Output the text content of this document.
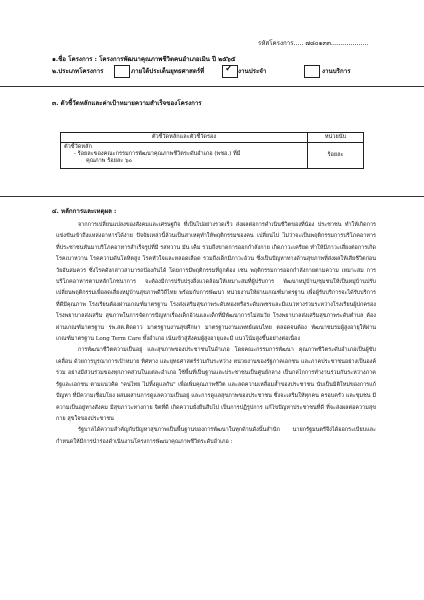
รหัสโครงการ..... ๗๘๐๑๓๓...................
๑.ชื่อ โครงการ : โครงการพัฒนาคุณภาพชีวิตคนอำเภอเมิน ปี ๒๕๖๕
๒.ประเภทโครงการ	ภายใต้ประเด็นยุทธศาสตร์ที่ ✓ งานประจำ	งานบริการ
๓. ตัวชี้วัดหลักและค่าเป้าหมายความสำเร็จของโครงการ
ตัวชี้วัดหลักและตัวชี้วัดรอง	หน่วยนับ

ตัวชี้วัดหลัก
- ร้อยละของคณะกรรมการพัฒนาคุณภาพชีวิตระดับอำเภอ (พชอ.) ที่มี
คุณภาพ ร้อยละ ๖๐	ร้อยละ
๔. หลักการและเหตุผล :

จากการเปลี่ยนแปลงของสังคมและเศรษฐกิจ ที่เป็นไปอย่างรวดเร็ว ส่งผลต่อการดำเนินชีวิตของที่น้อง ประชาชน ทำให้เกิดการแข่งขันเข้าถึงแหล่งอาหารได้ง่าย ปัจจัยเหล่านี้ล้วนเป็นสาเหตุทำให้พฤติกรรมของคน เปลี่ยนไป ไม่ว่าจะเป็นพฤติกรรมการบริโภคอาหาร ที่ประชาชนหันมาบริโภคอาหารสำเร็จรูปที่มี รสหวาน มัน เค็ม รวมถึงขาดการออกกำลังกาย เกิดภาวะเครียด ทำให้มีภาวะเสี่ยงต่อการเกิดโรคเบาหวาน โรคความดันโลหิตสูง โรคหัวใจและหลอดเลือด รวมถึงเด็กมีภาวะอ้วน ซึ่งเป็นปัญหาทางด้านสุขภาพที่ส่งผลให้เสียชีวิตก่อนวัยอันสมควร ซึ่งโรคดังกล่าวสามารถป้องกันได้ โดยการมีพฤติกรรมที่ถูกต้อง เช่น พฤติกรรมการออกกำลังกายตามความ เหมาะสม การบริโภคอาหารตามหลักโภชนาการ จะต้องมีการปรับปรุงสิ่งแวดล้อมให้เหมาะสมที่ผู้ปรับการ พัฒนาหมู่บ้าน/ชุมชนให้เป็นหมู่บ้านปรับเปลี่ยนพฤติกรรมเพื่อลดเสี่ยงหมู่บ้านสุขภาพดีวิถีไทย พร้อมกับการพัฒนา หน่วยงานให้ผ่านเกณฑ์มาตรฐาน เพื่อผู้รับบริการจะได้รับบริการที่ดีมีคุณภาพ โรงเรียนต้องผ่านเกณฑ์มาตรฐาน โรงส่งเสริมสุขภาพระดับทองหรือระดับเพชรและมีแนวทางร่วมระหว่างโรงเรียนผู้ปกครอง โรงพยาบาลส่งเสริม สุขภาพในการจัดการปัญหาเรื่องเด็กอ้วนและเด็กที่มีพัฒนาการไม่สมวัย โรงพยาบาลส่งเสริมสุขภาพระดับตำบล ต้องผ่านเกณฑ์มาตรฐาน รพ.สต.ติดดาว มาตรฐานงานสุขศึกษา มาตรฐานงานแพทย์แผนไทย ตลอดจนต้อง พัฒนาชมรมผู้สูงอายุให้ผ่านเกณฑ์มาตรฐาน Long Term Care ทั้งอำเภอ เน้นเข้าสู่สังคมผู้สูงอายุและมี แนวโน้มสูงขึ้นอย่างต่อเนื่อง

การพัฒนาชีวิตความเป็นอยู่ และสุขภาพของประชาชนในอำเภอ โดยคณะกรรมการพัฒนา คุณภาพชีวิตระดับอำเภอเป็นผู้ขับเคลื่อน ด้วยการบูรณาการเป้าหมาย ทิศทาง และยุทธศาสตร์ร่วมกันระหว่าง หน่วยงานของรัฐภาคเอกชน และภาคประชาชนอย่างเป็นองค์รวม อย่างมีส่วนร่วมของทุกภาคส่วนในแต่ละอำเภอ ใช้พื้นที่เป็นฐานและประชาชนเป็นศูนย์กลาง เป็นกลไกการทำงานร่วมกันระหว่างภาครัฐและเอกชน ตามแนวคิด "คนไทย ไม่ทิ้งดูแลกัน" เพื่อเพิ่มคุณภาพชีวิต และลดความเหลื่อมล้ำของประชาชน นับเป็นมิติใหม่ของการแก้ปัญหา ที่มีความเชื่อมโยง ผสมผสานการดูแลความเป็นอยู่ และการดูแลสุขภาพของประชาชน ซึ่งจะเสริมให้ทุกคน ครอบครัว และชุมชน มีความเป็นอยู่ทางสังคม มีสุขภาวะทางกาย จิตที่ดี เกิดความยั่งยืนสืบไป เป็นการปฏิรูปการ แก้ไขปัญหาประชาชนที่ดี ที่จะส่งผลต่อความสุขกาย สุขใจของประชาชน

รัฐบาลได้ความสำคัญกับปัญหาสุขภาพเป็นพื้นฐานของการพัฒนาในทุกด้านดังนั้นสำนัก นายกรัฐมนตรีจึงได้ออกระเบียบและกำหนดให้มีการนำร่องดำเนินงานโครงการพัฒนาคุณภาพชีวิตระดับอำเภอ :
